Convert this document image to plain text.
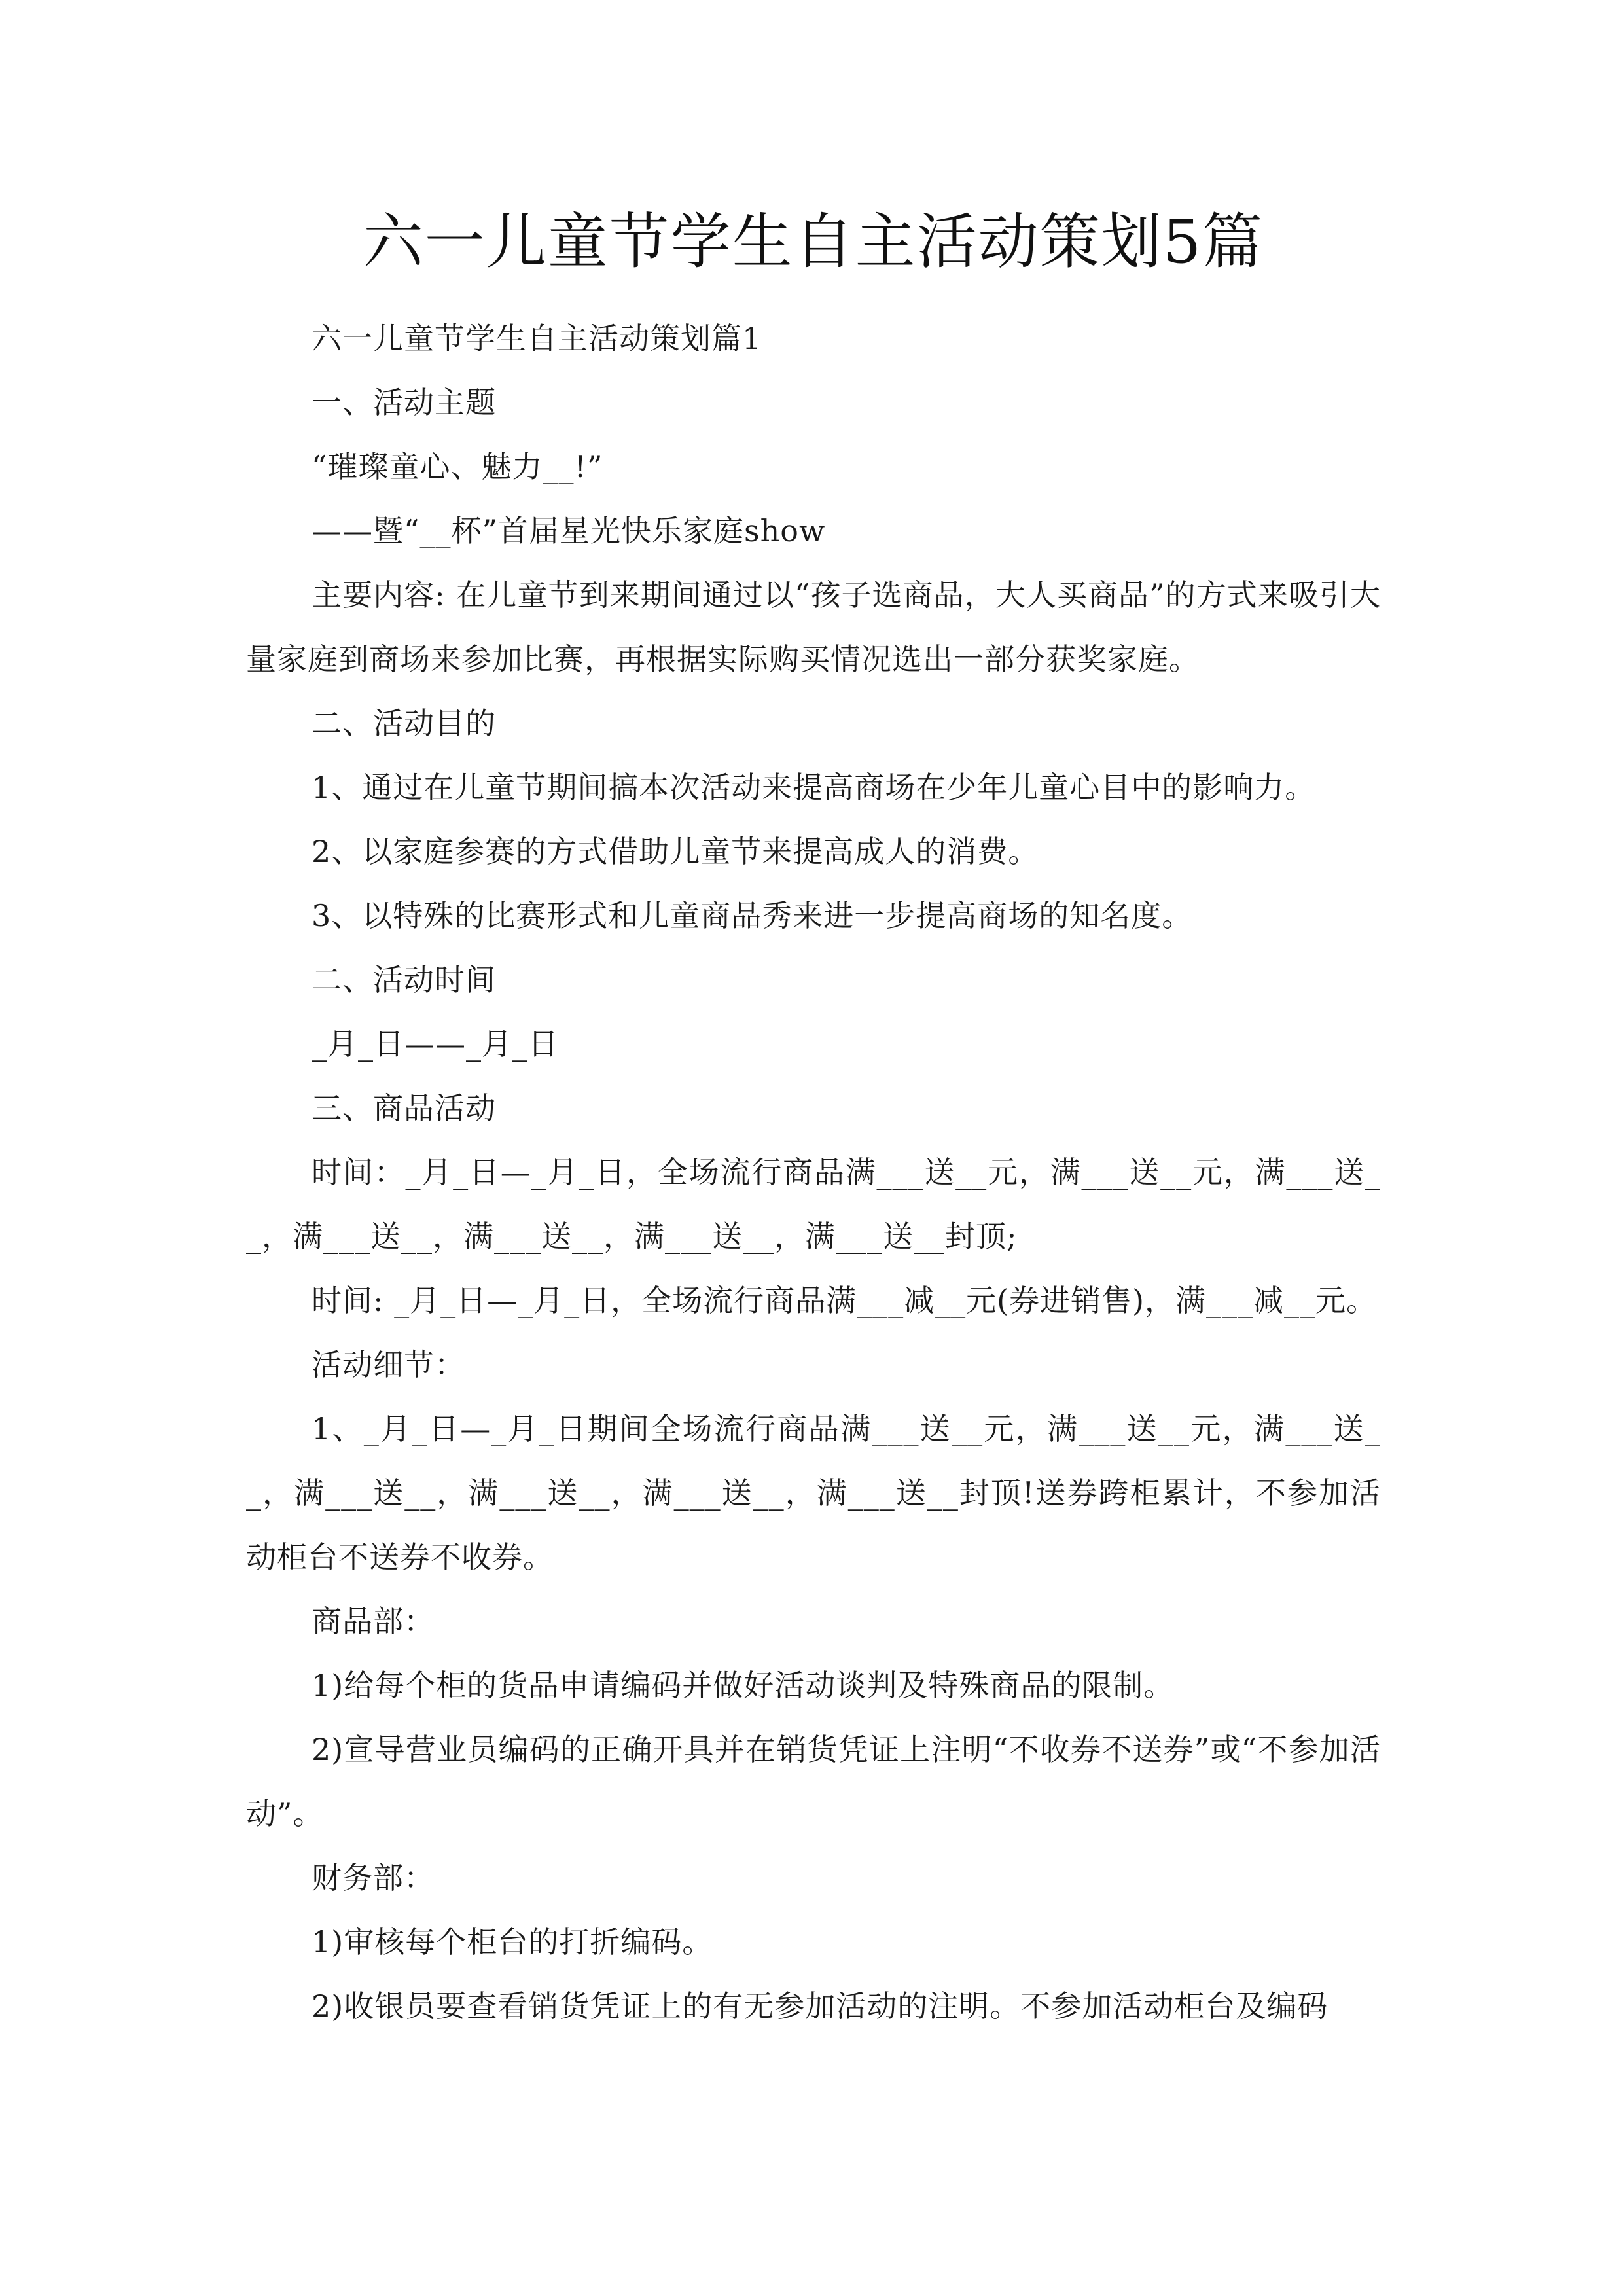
六一儿童节学生自主活动策划5篇

六一儿童节学生自主活动策划篇1

一、活动主题

“璀璨童心、魅力__!”

——暨“__杯”首届星光快乐家庭show

主要内容: 在儿童节到来期间通过以“孩子选商品，大人买商品”的方式来吸引大量家庭到商场来参加比赛，再根据实际购买情况选出一部分获奖家庭。

二、活动目的

1、通过在儿童节期间搞本次活动来提高商场在少年儿童心目中的影响力。

2、以家庭参赛的方式借助儿童节来提高成人的消费。

3、以特殊的比赛形式和儿童商品秀来进一步提高商场的知名度。

二、活动时间

_月_日——_月_日

三、商品活动

时间：_月_日—_月_日，全场流行商品满___送__元，满___送__元，满___送__，满___送__，满___送__，满___送__，满___送__封顶;

时间: _月_日—_月_日，全场流行商品满___减__元(券进销售)，满___减__元。

活动细节：

1、_月_日—_月_日期间全场流行商品满___送__元，满___送__元，满___送__，满___送__，满___送__，满___送__，满___送__封顶!送券跨柜累计，不参加活动柜台不送券不收券。

商品部：

1)给每个柜的货品申请编码并做好活动谈判及特殊商品的限制。

2)宣导营业员编码的正确开具并在销货凭证上注明“不收券不送券”或“不参加活动”。

财务部：

1)审核每个柜台的打折编码。

2)收银员要查看销货凭证上的有无参加活动的注明。不参加活动柜台及编码
